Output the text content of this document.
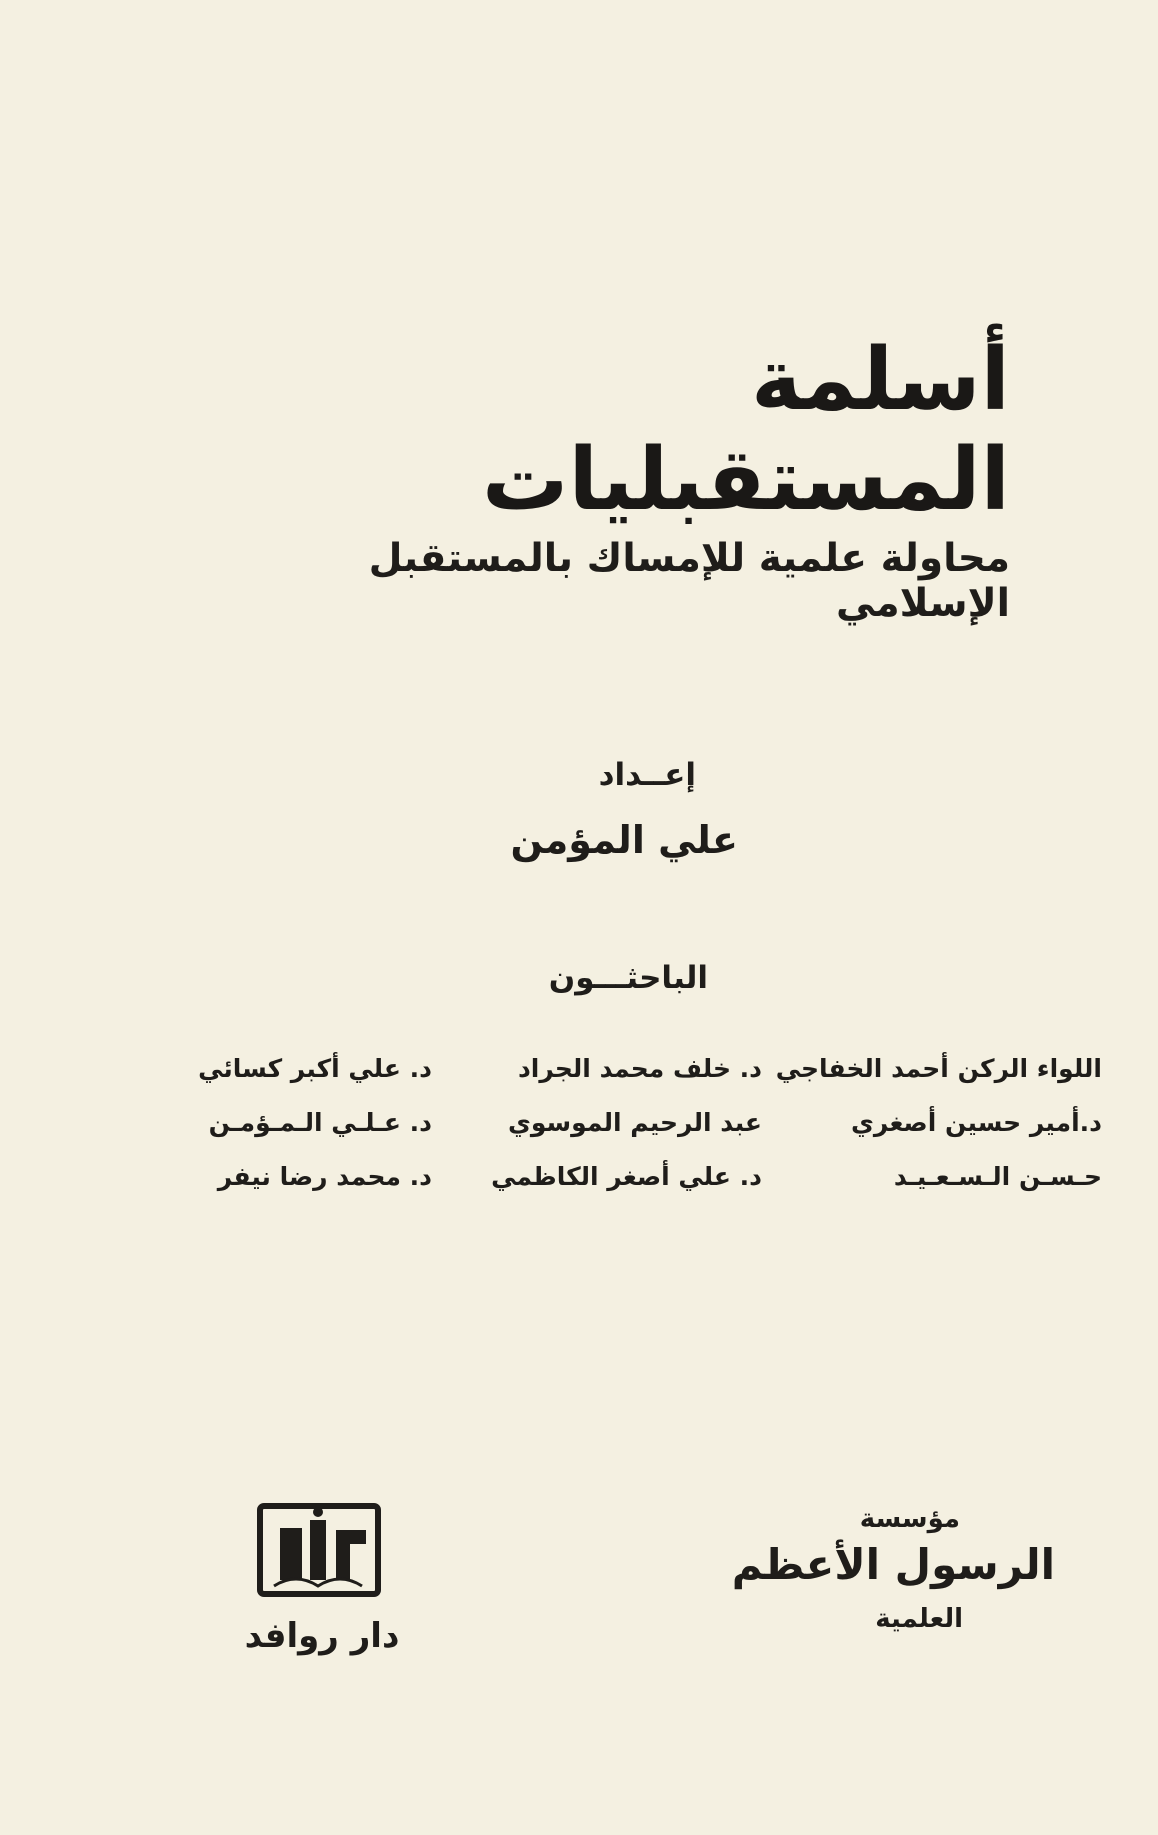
أسلمة المستقبليات
محاولة علمية للإمساك بالمستقبل الإسلامي
إعــداد
علي المؤمن
الباحثـــون
اللواء الركن أحمد الخفاجي
د. خلف محمد الجراد
د. علي أكبر كسائي
د.أمير حسين أصغري
عبد الرحيم الموسوي
د. عـلـي الـمـؤمـن
حـسـن الـسـعـيـد
د. علي أصغر الكاظمي
د. محمد رضا نيفر
دار روافد
مؤسسة
الرسول الأعظم
العلمية
